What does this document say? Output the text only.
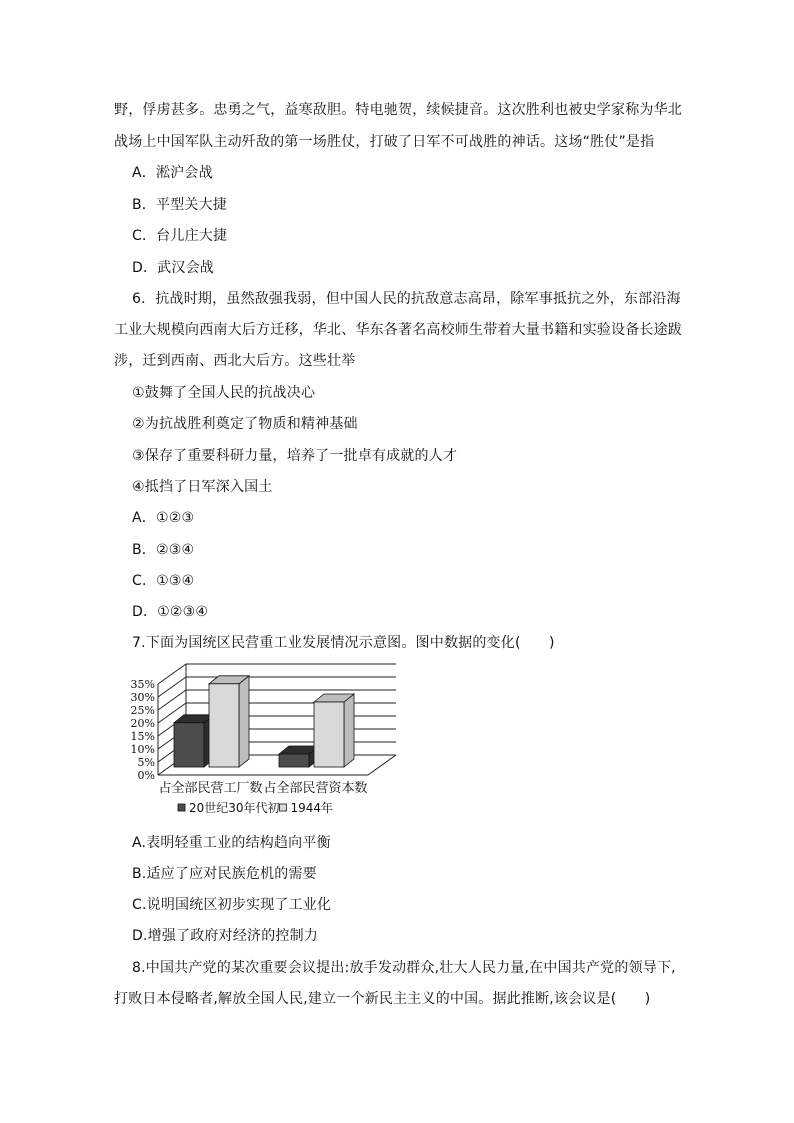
野，俘虏甚多。忠勇之气，益寒敌胆。特电驰贺，续候捷音。这次胜利也被史学家称为华北
战场上中国军队主动歼敌的第一场胜仗，打破了日军不可战胜的神话。这场“胜仗”是指
A．淞沪会战
B．平型关大捷
C．台儿庄大捷
D．武汉会战
6．抗战时期，虽然敌强我弱，但中国人民的抗敌意志高昂，除军事抵抗之外，东部沿海
工业大规模向西南大后方迁移，华北、华东各著名高校师生带着大量书籍和实验设备长途跋
涉，迁到西南、西北大后方。这些壮举
①鼓舞了全国人民的抗战决心
②为抗战胜利奠定了物质和精神基础
③保存了重要科研力量，培养了一批卓有成就的人才
④抵挡了日军深入国土
A．①②③
B．②③④
C．①③④
D．①②③④
7.下面为国统区民营重工业发展情况示意图。图中数据的变化(　　)
0%
5%
10%
15%
20%
25%
30%
35%
占全部民营工厂数 占全部民营资本数
20世纪30年代初 1944年
A.表明轻重工业的结构趋向平衡
B.适应了应对民族危机的需要
C.说明国统区初步实现了工业化
D.增强了政府对经济的控制力
8.中国共产党的某次重要会议提出:放手发动群众,壮大人民力量,在中国共产党的领导下,
打败日本侵略者,解放全国人民,建立一个新民主主义的中国。据此推断,该会议是(　　)
